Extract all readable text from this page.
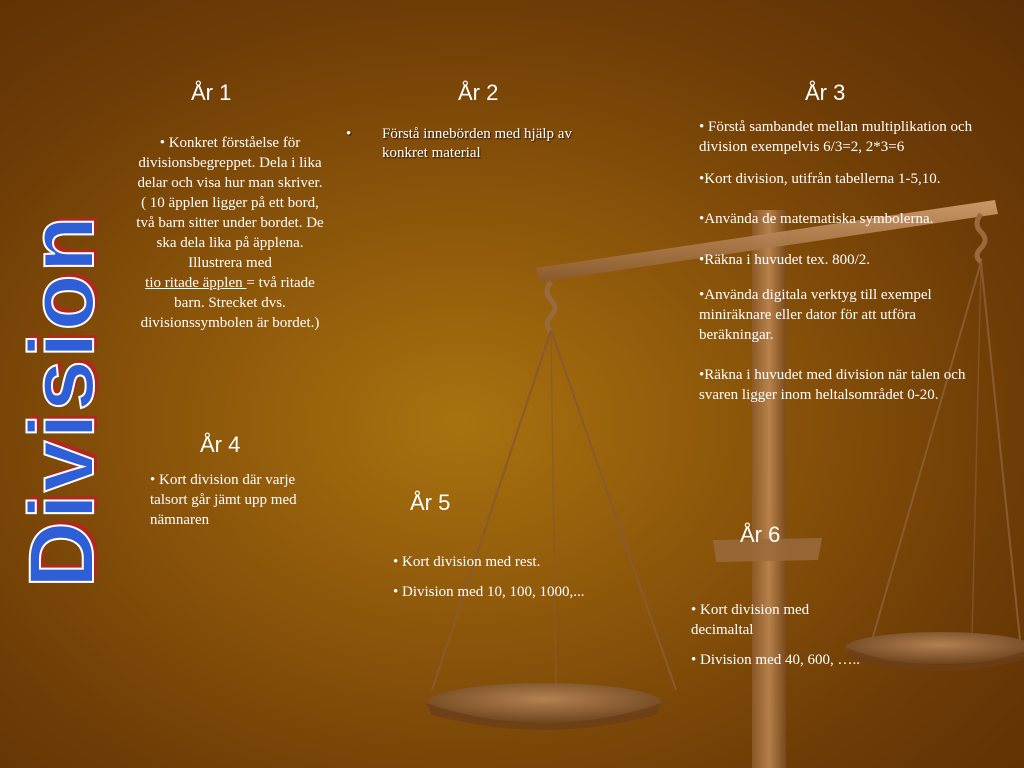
Division
År 1
• Konkret förståelse för divisionsbegreppet. Dela i lika delar och visa hur man skriver. ( 10 äpplen ligger på ett bord, två barn sitter under bordet. De ska dela lika på äpplena. Illustrera med
tio ritade äpplen = två ritade barn. Strecket dvs. divisionssymbolen är bordet.)
År 2
•	Förstå innebörden med hjälp av konkret material
År 3

• Förstå sambandet mellan multiplikation och division exempelvis 6/3=2, 2*3=6

•Kort division, utifrån tabellerna 1-5,10.

•Använda de matematiska symbolerna.

•Räkna i huvudet tex. 800/2.

•Använda digitala verktyg till exempel miniräknare eller dator för att utföra beräkningar.

•Räkna i huvudet med division när talen och svaren ligger inom heltalsområdet 0-20.

År 4
• Kort division där varje talsort går jämt upp med nämnaren
År 5

• Kort division med rest.

• Division med 10, 100, 1000,...

År 6

• Kort division med decimaltal

• Division med 40, 600, …..
